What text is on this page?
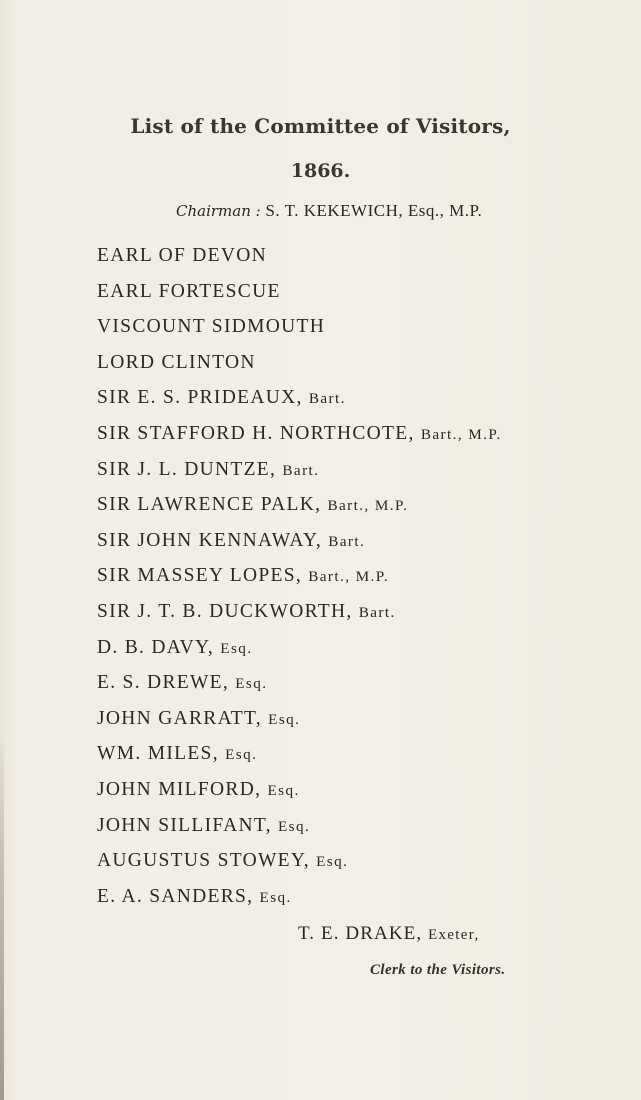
List of the Committee of Visitors,
1866.
Chairman : S. T. KEKEWICH, Esq., M.P.
EARL OF DEVON
EARL FORTESCUE
VISCOUNT SIDMOUTH
LORD CLINTON
SIR E. S. PRIDEAUX, Bart.
SIR STAFFORD H. NORTHCOTE, Bart., M.P.
SIR J. L. DUNTZE, Bart.
SIR LAWRENCE PALK, Bart., M.P.
SIR JOHN KENNAWAY, Bart.
SIR MASSEY LOPES, Bart., M.P.
SIR J. T. B. DUCKWORTH, Bart.
D. B. DAVY, Esq.
E. S. DREWE, Esq.
JOHN GARRATT, Esq.
WM. MILES, Esq.
JOHN MILFORD, Esq.
JOHN SILLIFANT, Esq.
AUGUSTUS STOWEY, Esq.
E. A. SANDERS, Esq.
T. E. DRAKE, Exeter,
Clerk to the Visitors.
